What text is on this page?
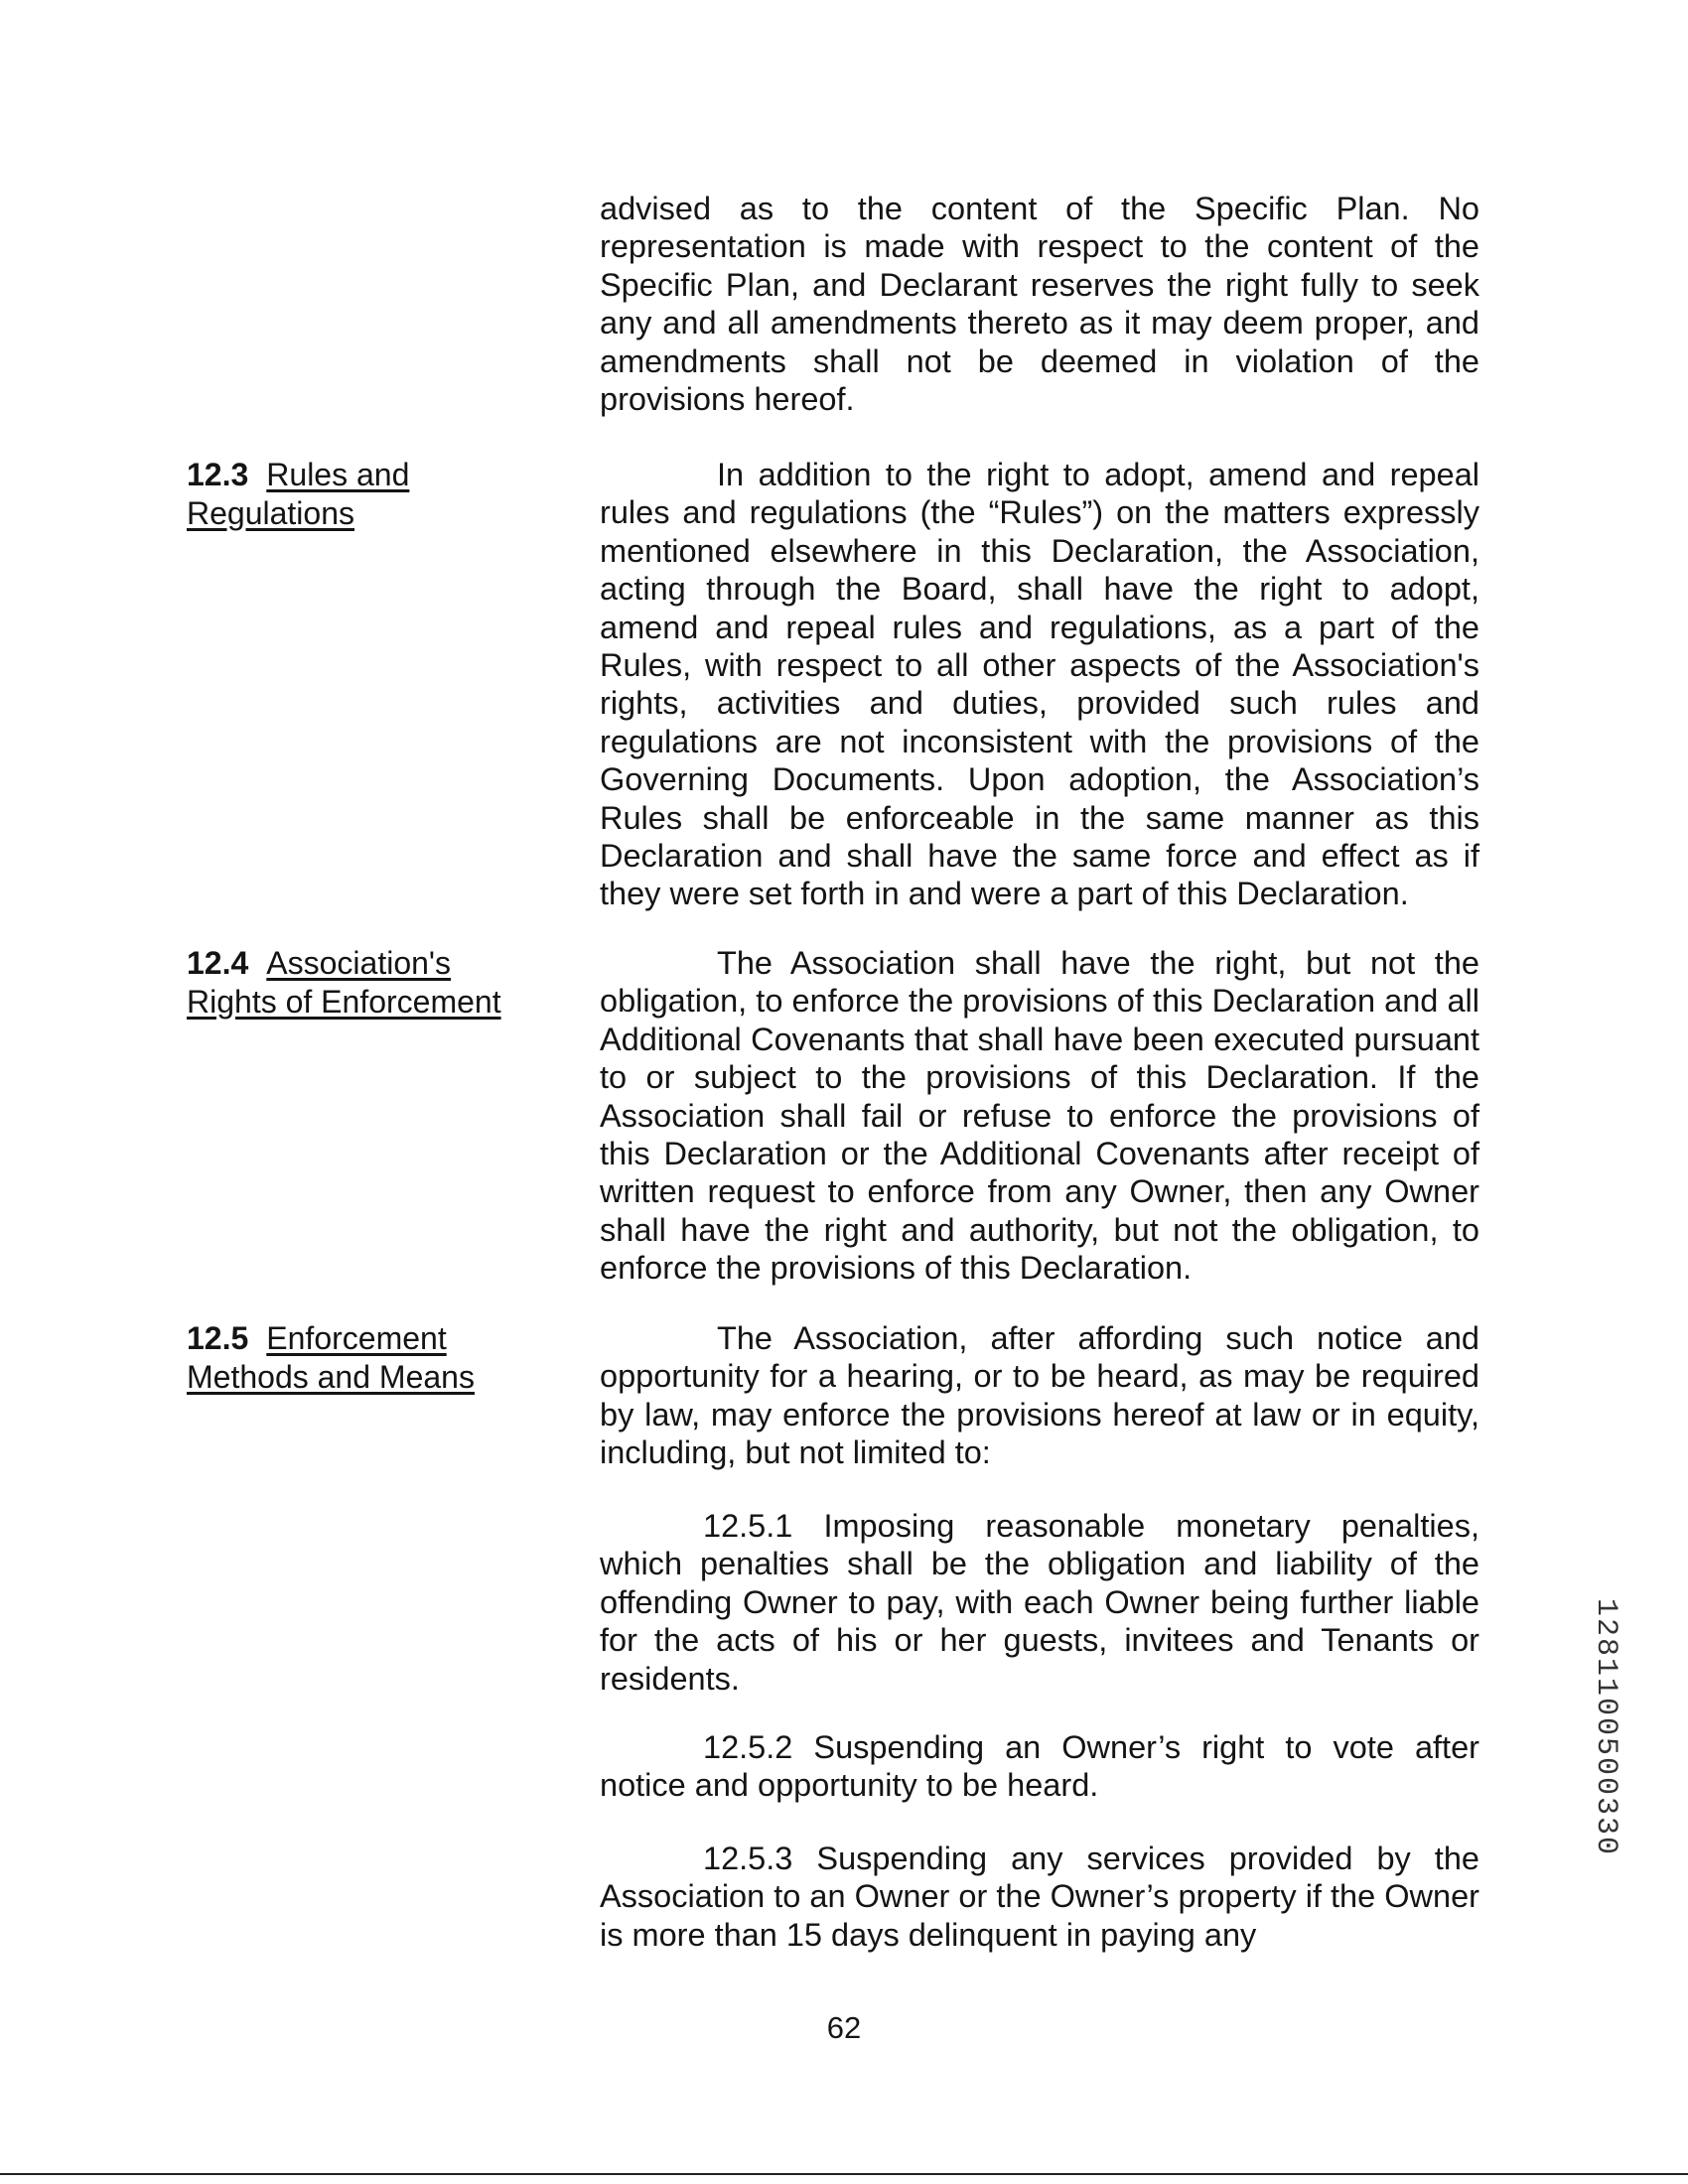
advised as to the content of the Specific Plan. No representation is made with respect to the content of the Specific Plan, and Declarant reserves the right fully to seek any and all amendments thereto as it may deem proper, and amendments shall not be deemed in violation of the provisions hereof.

12.3 Rules and Regulations

In addition to the right to adopt, amend and repeal rules and regulations (the “Rules”) on the matters expressly mentioned elsewhere in this Declaration, the Association, acting through the Board, shall have the right to adopt, amend and repeal rules and regulations, as a part of the Rules, with respect to all other aspects of the Association's rights, activities and duties, provided such rules and regulations are not inconsistent with the provisions of the Governing Documents. Upon adoption, the Association’s Rules shall be enforceable in the same manner as this Declaration and shall have the same force and effect as if they were set forth in and were a part of this Declaration.

12.4 Association's Rights of Enforcement

The Association shall have the right, but not the obligation, to enforce the provisions of this Declaration and all Additional Covenants that shall have been executed pursuant to or subject to the provisions of this Declaration. If the Association shall fail or refuse to enforce the provisions of this Declaration or the Additional Covenants after receipt of written request to enforce from any Owner, then any Owner shall have the right and authority, but not the obligation, to enforce the provisions of this Declaration.

12.5 Enforcement Methods and Means

The Association, after affording such notice and opportunity for a hearing, or to be heard, as may be required by law, may enforce the provisions hereof at law or in equity, including, but not limited to:

12.5.1 Imposing reasonable monetary penalties, which penalties shall be the obligation and liability of the offending Owner to pay, with each Owner being further liable for the acts of his or her guests, invitees and Tenants or residents.

12.5.2 Suspending an Owner’s right to vote after notice and opportunity to be heard.

12.5.3 Suspending any services provided by the Association to an Owner or the Owner’s property if the Owner is more than 15 days delinquent in paying any

62
1281100500330
